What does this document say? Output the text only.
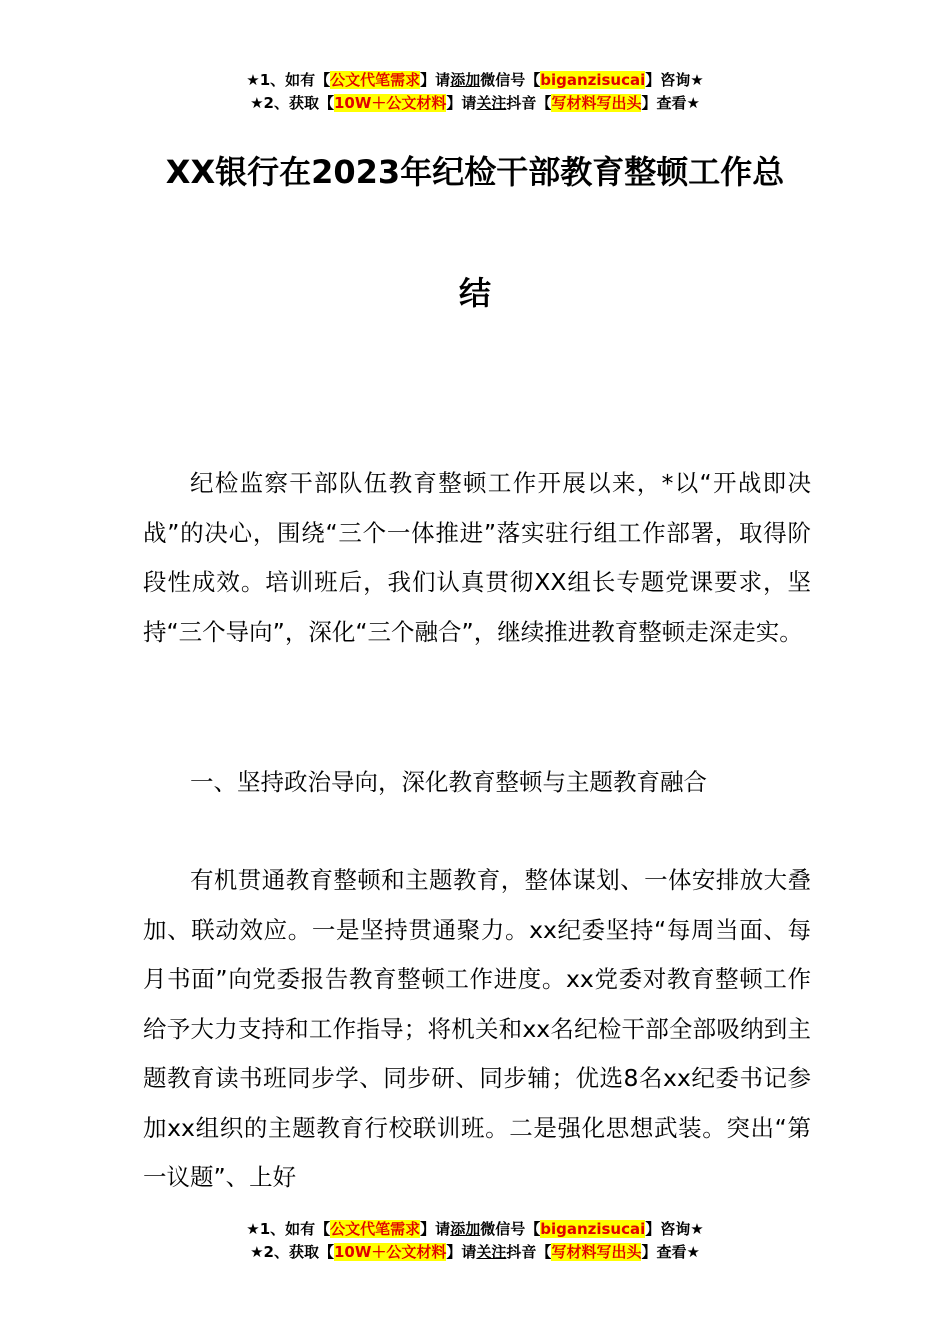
★1、如有【公文代笔需求】请添加微信号【biganzisucai】咨询★
★2、获取【10W＋公文材料】请关注抖音【写材料写出头】查看★
XX银行在2023年纪检干部教育整顿工作总
结

纪检监察干部队伍教育整顿工作开展以来，*以“开战即决战”的决心，围绕“三个一体推进”落实驻行组工作部署，取得阶段性成效。培训班后，我们认真贯彻XX组长专题党课要求，坚持“三个导向”，深化“三个融合”，继续推进教育整顿走深走实。

一、坚持政治导向，深化教育整顿与主题教育融合

有机贯通教育整顿和主题教育，整体谋划、一体安排放大叠加、联动效应。一是坚持贯通聚力。xx纪委坚持“每周当面、每月书面”向党委报告教育整顿工作进度。xx党委对教育整顿工作给予大力支持和工作指导；将机关和xx名纪检干部全部吸纳到主题教育读书班同步学、同步研、同步辅；优选8名xx纪委书记参加xx组织的主题教育行校联训班。二是强化思想武装。突出“第一议题”、上好

★1、如有【公文代笔需求】请添加微信号【biganzisucai】咨询★
★2、获取【10W＋公文材料】请关注抖音【写材料写出头】查看★
